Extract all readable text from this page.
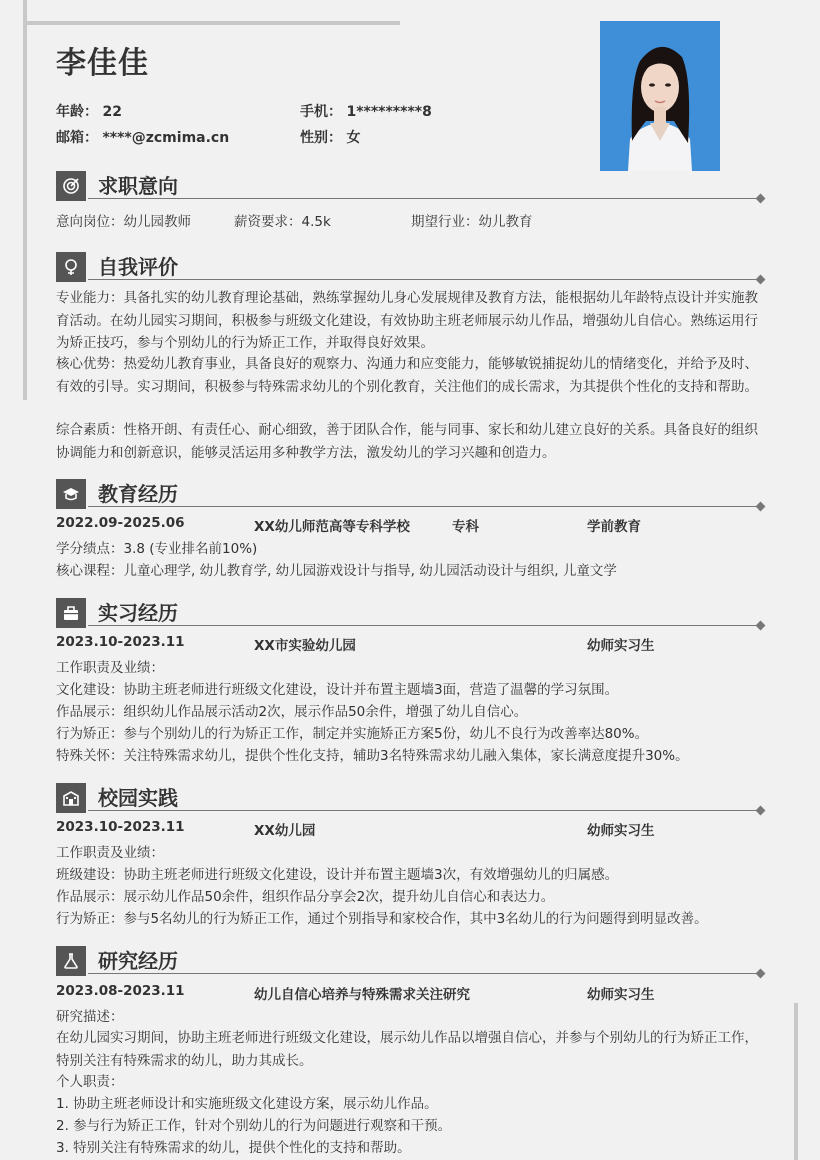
李佳佳
年龄： 22	手机： 1*********8
邮箱： ****@zcmima.cn	性别： 女
求职意向
意向岗位：幼儿园教师	薪资要求：4.5k	期望行业：幼儿教育
自我评价
专业能力：具备扎实的幼儿教育理论基础，熟练掌握幼儿身心发展规律及教育方法，能根据幼儿年龄特点设计并实施教育活动。在幼儿园实习期间，积极参与班级文化建设，有效协助主班老师展示幼儿作品，增强幼儿自信心。熟练运用行为矫正技巧，参与个别幼儿的行为矫正工作，并取得良好效果。
核心优势：热爱幼儿教育事业，具备良好的观察力、沟通力和应变能力，能够敏锐捕捉幼儿的情绪变化，并给予及时、有效的引导。实习期间，积极参与特殊需求幼儿的个别化教育，关注他们的成长需求，为其提供个性化的支持和帮助。
综合素质：性格开朗、有责任心、耐心细致，善于团队合作，能与同事、家长和幼儿建立良好的关系。具备良好的组织协调能力和创新意识，能够灵活运用多种教学方法，激发幼儿的学习兴趣和创造力。
教育经历
2022.09-2025.06	XX幼儿师范高等专科学校	专科	学前教育
学分绩点：3.8 (专业排名前10%)
核心课程：儿童心理学, 幼儿教育学, 幼儿园游戏设计与指导, 幼儿园活动设计与组织, 儿童文学
实习经历
2023.10-2023.11	XX市实验幼儿园	幼师实习生
工作职责及业绩：
文化建设：协助主班老师进行班级文化建设，设计并布置主题墙3面，营造了温馨的学习氛围。
作品展示：组织幼儿作品展示活动2次，展示作品50余件，增强了幼儿自信心。
行为矫正：参与个别幼儿的行为矫正工作，制定并实施矫正方案5份，幼儿不良行为改善率达80%。
特殊关怀：关注特殊需求幼儿，提供个性化支持，辅助3名特殊需求幼儿融入集体，家长满意度提升30%。
校园实践
2023.10-2023.11	XX幼儿园	幼师实习生
工作职责及业绩：
班级建设：协助主班老师进行班级文化建设，设计并布置主题墙3次，有效增强幼儿的归属感。
作品展示：展示幼儿作品50余件，组织作品分享会2次，提升幼儿自信心和表达力。
行为矫正：参与5名幼儿的行为矫正工作，通过个别指导和家校合作，其中3名幼儿的行为问题得到明显改善。
研究经历
2023.08-2023.11	幼儿自信心培养与特殊需求关注研究	幼师实习生
研究描述：
在幼儿园实习期间，协助主班老师进行班级文化建设，展示幼儿作品以增强自信心，并参与个别幼儿的行为矫正工作，特别关注有特殊需求的幼儿，助力其成长。
个人职责：
1. 协助主班老师设计和实施班级文化建设方案，展示幼儿作品。
2. 参与行为矫正工作，针对个别幼儿的行为问题进行观察和干预。
3. 特别关注有特殊需求的幼儿，提供个性化的支持和帮助。
